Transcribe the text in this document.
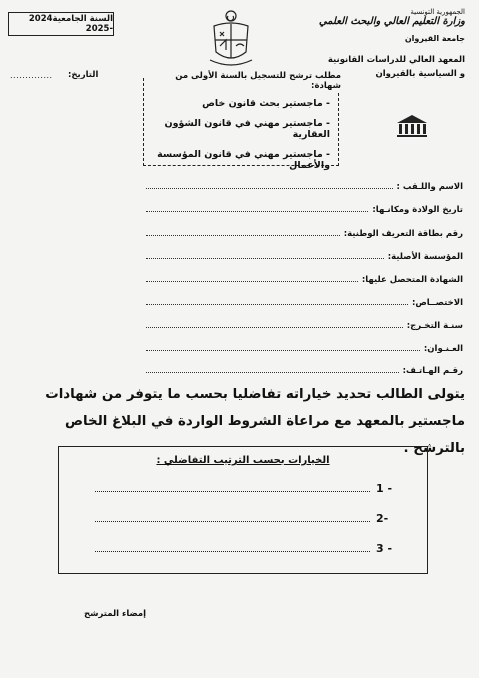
السنة الجامعية2024 -2025
الجمهورية التونسية
وزارة التعليم العالي والبحث العلمي
جامعة القيروان
المعهد العالي للدراسات القانونية
و السياسية بالقيروان
التاريخ:
..............	مطلب ترشح للتسجيل بالسنة الأولى من شهادة:
- ماجستير بحث قانون خاص
- ماجستير مهني في قانون الشؤون العقارية
- ماجستير مهني في قانون المؤسسة والأعمال
الاسم واللـقب :
تاريخ الولادة ومكانـها:
رقم بطاقة التعريف الوطنية:
المؤسسة الأصلية:
الشهادة المتحصل عليها:
الاختصــاص:
سنـة التخـرج:
العـنـوان:
رقـم الهـاتـف:
يتولى الطالب تحديد خياراته تفاضليا بحسب ما يتوفر من شهادات ماجستير بالمعهد مع مراعاة الشروط الواردة في البلاغ الخاص بالترشح .
الخيارات بحسب الترتيب التفاضلي :
1 -
2-
3 -
إمضاء المترشح
